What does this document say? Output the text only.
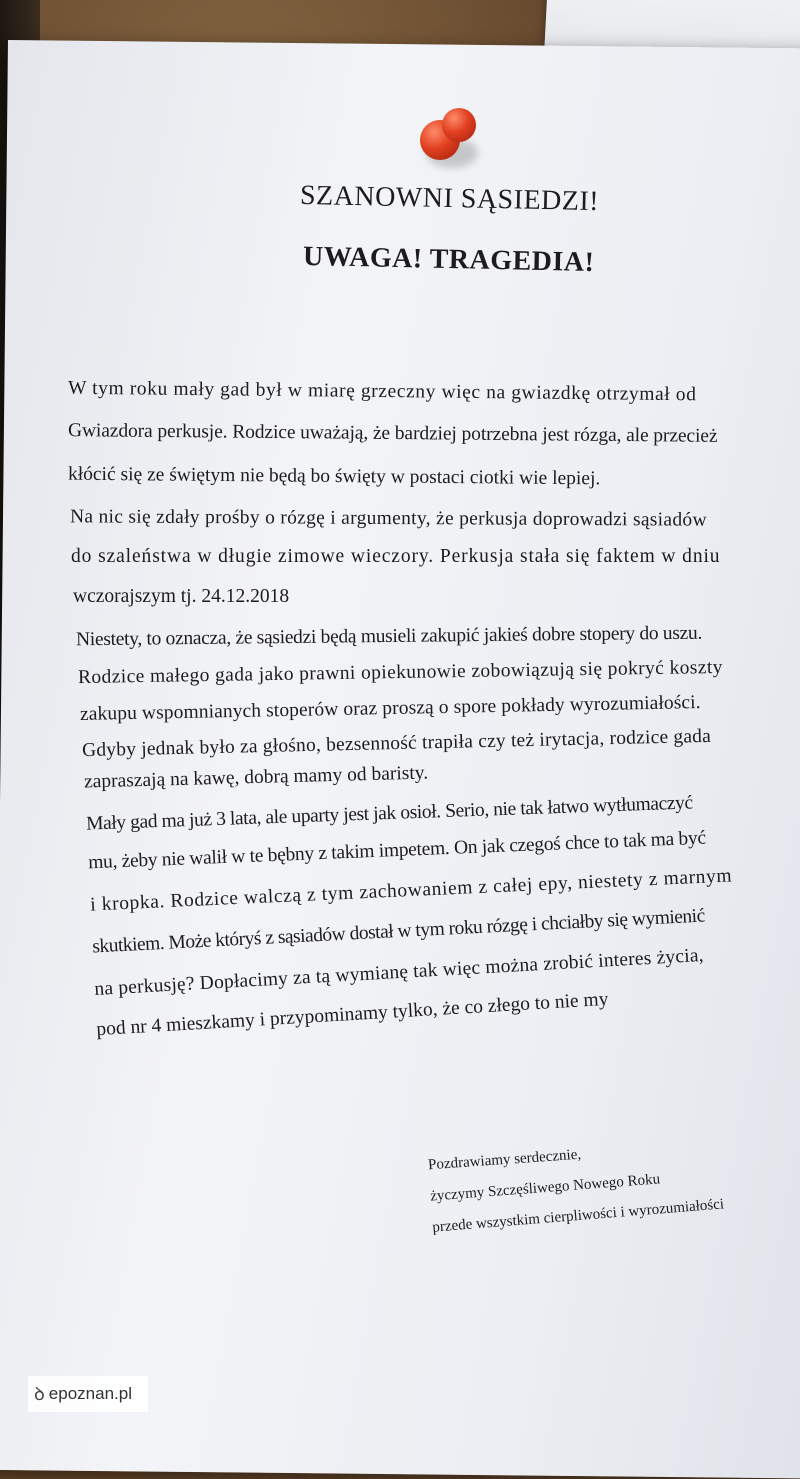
SZANOWNI SĄSIEDZI!
UWAGA! TRAGEDIA!
W tym roku mały gad był w miarę grzeczny więc na gwiazdkę otrzymał od
Gwiazdora perkusje. Rodzice uważają, że bardziej potrzebna jest rózga, ale przecież
kłócić się ze świętym nie będą bo święty w postaci ciotki wie lepiej.
Na nic się zdały prośby o rózgę i argumenty, że perkusja doprowadzi sąsiadów
do szaleństwa w długie zimowe wieczory. Perkusja stała się faktem w dniu
wczorajszym tj. 24.12.2018
Niestety, to oznacza, że sąsiedzi będą musieli zakupić jakieś dobre stopery do uszu.
Rodzice małego gada jako prawni opiekunowie zobowiązują się pokryć koszty
zakupu wspomnianych stoperów oraz proszą o spore pokłady wyrozumiałości.
Gdyby jednak było za głośno, bezsenność trapiła czy też irytacja, rodzice gada
zapraszają na kawę, dobrą mamy od baristy.
Mały gad ma już 3 lata, ale uparty jest jak osioł. Serio, nie tak łatwo wytłumaczyć
mu, żeby nie walił w te bębny z takim impetem. On jak czegoś chce to tak ma być
i kropka. Rodzice walczą z tym zachowaniem z całej epy, niestety z marnym
skutkiem. Może któryś z sąsiadów dostał w tym roku rózgę i chciałby się wymienić
na perkusję? Dopłacimy za tą wymianę tak więc można zrobić interes życia,
pod nr 4 mieszkamy i przypominamy tylko, że co złego to nie my
Pozdrawiamy serdecznie,
życzymy Szczęśliwego Nowego Roku
przede wszystkim cierpliwości i wyrozumiałości
ꝺ epoznan.pl
